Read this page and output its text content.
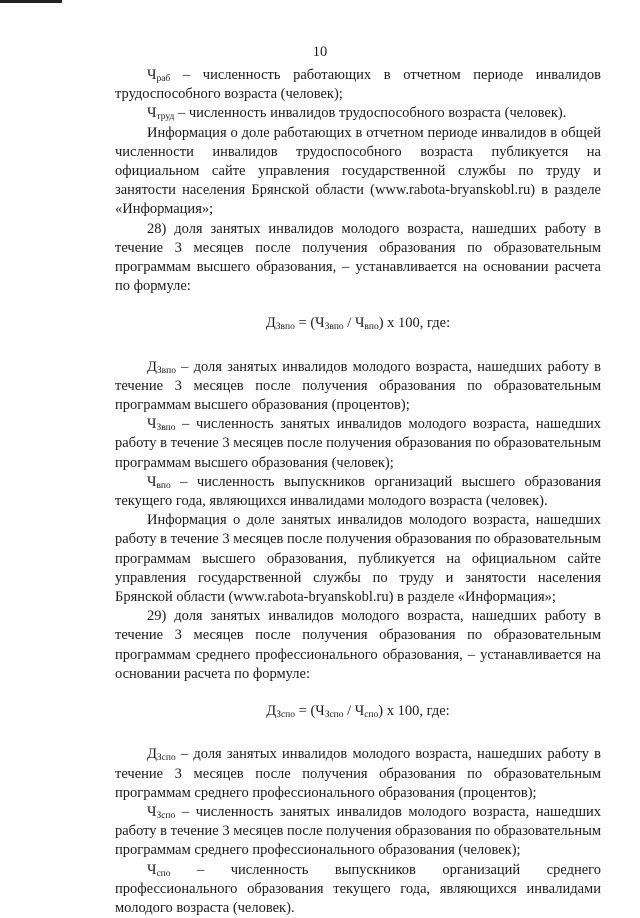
10

$Ч_{раб}$ – численность работающих в отчетном периоде инвалидов трудоспособного возраста (человек);

$Ч_{труд}$ – численность инвалидов трудоспособного возраста (человек).

Информация о доле работающих в отчетном периоде инвалидов в общей численности инвалидов трудоспособного возраста публикуется на официальном сайте управления государственной службы по труду и занятости населения Брянской области (www.rabota-bryanskobl.ru) в разделе «Информация»;

28) доля занятых инвалидов молодого возраста, нашедших работу в течение 3 месяцев после получения образования по образовательным программам высшего образования, – устанавливается на основании расчета по формуле:

$Д_{Звпо} = (Ч_{Звпо} / Ч_{впо})$ х 100, где:

$Д_{Звпо}$ – доля занятых инвалидов молодого возраста, нашедших работу в течение 3 месяцев после получения образования по образовательным программам высшего образования (процентов);

$Ч_{Звпо}$ – численность занятых инвалидов молодого возраста, нашедших работу в течение 3 месяцев после получения образования по образовательным программам высшего образования (человек);

$Ч_{впо}$ – численность выпускников организаций высшего образования текущего года, являющихся инвалидами молодого возраста (человек).

Информация о доле занятых инвалидов молодого возраста, нашедших работу в течение 3 месяцев после получения образования по образовательным программам высшего образования, публикуется на официальном сайте управления государственной службы по труду и занятости населения Брянской области (www.rabota-bryanskobl.ru) в разделе «Информация»;

29) доля занятых инвалидов молодого возраста, нашедших работу в течение 3 месяцев после получения образования по образовательным программам среднего профессионального образования, – устанавливается на основании расчета по формуле:

$Д_{Зспо} = (Ч_{Зспо} / Ч_{спо})$ х 100, где:

$Д_{Зспо}$ – доля занятых инвалидов молодого возраста, нашедших работу в течение 3 месяцев после получения образования по образовательным программам среднего профессионального образования (процентов);

$Ч_{Зспо}$ – численность занятых инвалидов молодого возраста, нашедших работу в течение 3 месяцев после получения образования по образовательным программам среднего профессионального образования (человек);

$Ч_{спо}$ – численность выпускников организаций среднего профессионального образования текущего года, являющихся инвалидами молодого возраста (человек).
